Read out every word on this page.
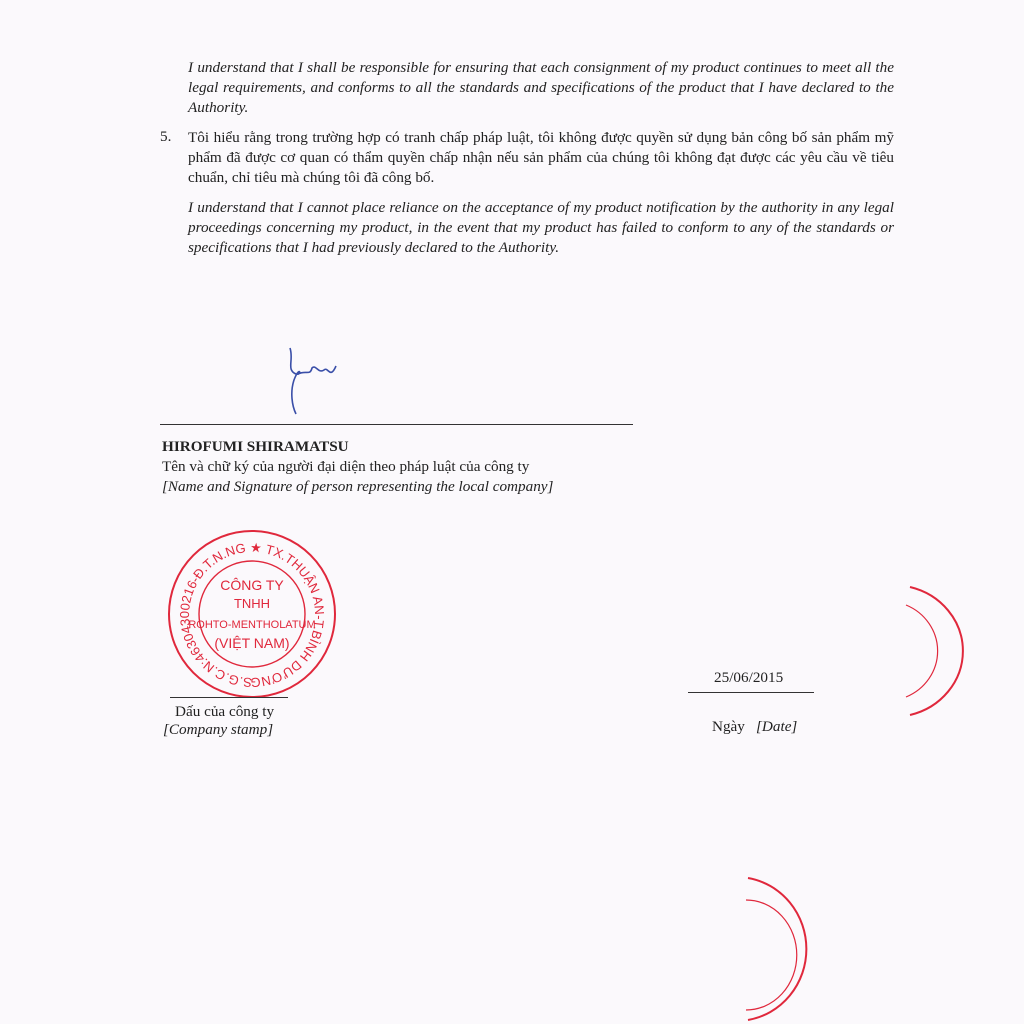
I understand that I shall be responsible for ensuring that each consignment of my product continues to meet all the legal requirements, and conforms to all the standards and specifications of the product that I have declared to the Authority.
5. Tôi hiểu rằng trong trường hợp có tranh chấp pháp luật, tôi không được quyền sử dụng bản công bố sản phẩm mỹ phẩm đã được cơ quan có thẩm quyền chấp nhận nếu sản phẩm của chúng tôi không đạt được các yêu cầu về tiêu chuẩn, chỉ tiêu mà chúng tôi đã công bố.
I understand that I cannot place reliance on the acceptance of my product notification by the authority in any legal proceedings concerning my product, in the event that my product has failed to conform to any of the standards or specifications that I had previously declared to the Authority.
HIROFUMI SHIRAMATSU
Tên và chữ ký của người đại diện theo pháp luật của công ty
[Name and Signature of person representing the local company]
S.G.C.N:46304300216-Đ.T.N.NG ★ TX.THUẬN AN-T.BÌNH DƯƠNG ★
CÔNG TY
TNHH
ROHTO-MENTHOLATUM
(VIỆT NAM)
Dấu của công ty
[Company stamp]
25/06/2015
Ngày [Date]
